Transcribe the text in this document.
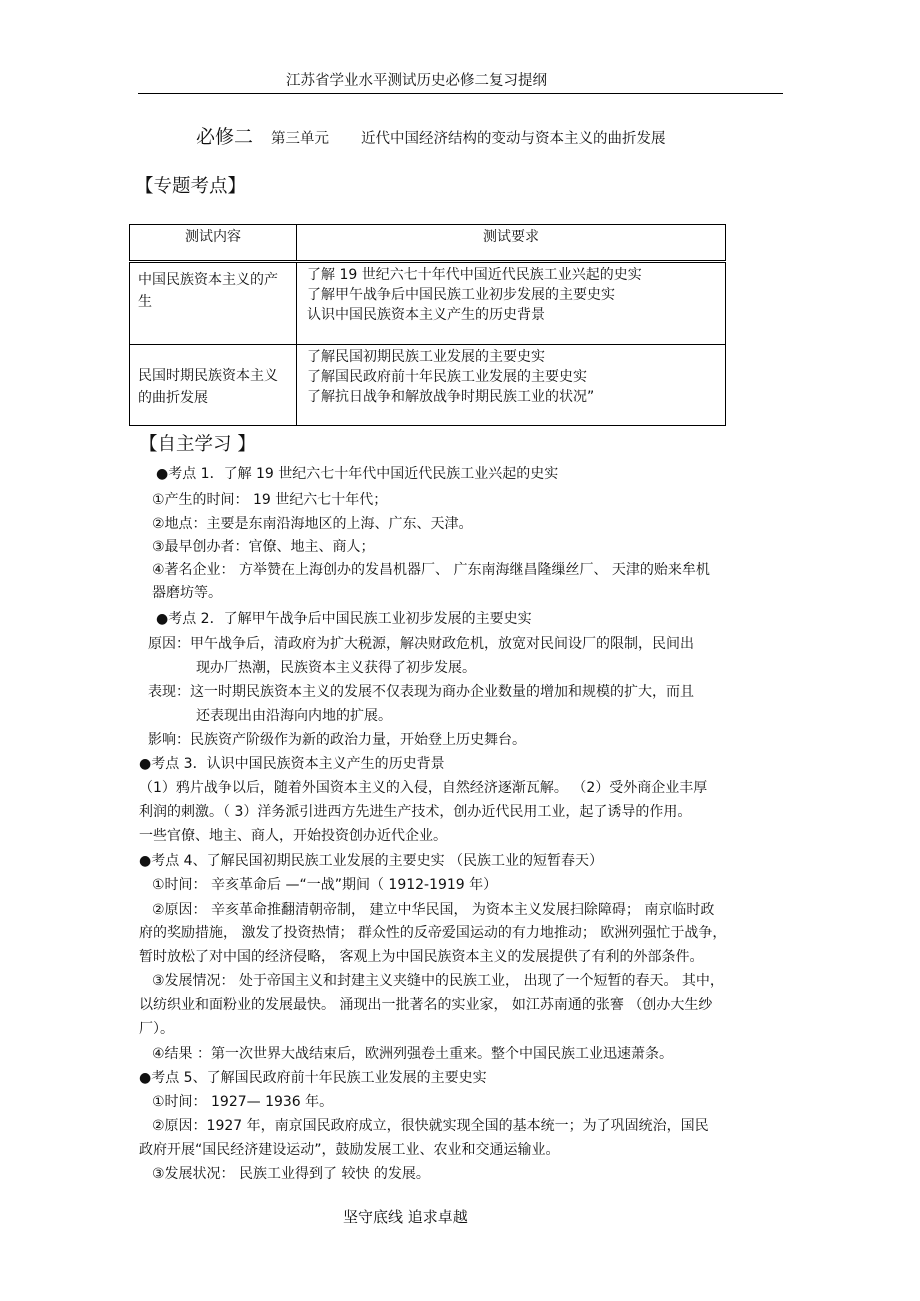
江苏省学业水平测试历史必修二复习提纲
必修二 第三单元 近代中国经济结构的变动与资本主义的曲折发展
【专题考点】
测试内容	测试要求

中国民族资本主义的产生	了解 19 世纪六七十年代中国近代民族工业兴起的史实
了解甲午战争后中国民族工业初步发展的主要史实
认识中国民族资本主义产生的历史背景

民国时期民族资本主义的曲折发展	了解民国初期民族工业发展的主要史实
了解国民政府前十年民族工业发展的主要史实
了解抗日战争和解放战争时期民族工业的状况”
【自主学习 】
●考点 1．了解 19 世纪六七十年代中国近代民族工业兴起的史实
①产生的时间： 19 世纪六七十年代；
②地点：主要是东南沿海地区的上海、广东、天津。
③最早创办者：官僚、地主、商人；
④著名企业： 方举赞在上海创办的发昌机器厂、 广东南海继昌隆缫丝厂、 天津的贻来牟机
器磨坊等。
●考点 2．了解甲午战争后中国民族工业初步发展的主要史实
原因：甲午战争后，清政府为扩大税源，解决财政危机，放宽对民间设厂的限制，民间出
现办厂热潮，民族资本主义获得了初步发展。
表现：这一时期民族资本主义的发展不仅表现为商办企业数量的增加和规模的扩大，而且
还表现出由沿海向内地的扩展。
影响：民族资产阶级作为新的政治力量，开始登上历史舞台。
●考点 3．认识中国民族资本主义产生的历史背景
（1）鸦片战争以后，随着外国资本主义的入侵，自然经济逐渐瓦解。 （2）受外商企业丰厚
利润的刺激。（ 3）洋务派引进西方先进生产技术，创办近代民用工业，起了诱导的作用。
一些官僚、地主、商人，开始投资创办近代企业。
●考点 4、了解民国初期民族工业发展的主要史实 （民族工业的短暂春天）
①时间： 辛亥革命后 —“一战”期间（ 1912-1919 年）
②原因： 辛亥革命推翻清朝帝制， 建立中华民国， 为资本主义发展扫除障碍； 南京临时政
府的奖励措施， 激发了投资热情； 群众性的反帝爱国运动的有力地推动； 欧洲列强忙于战争，
暂时放松了对中国的经济侵略， 客观上为中国民族资本主义的发展提供了有利的外部条件。
③发展情况： 处于帝国主义和封建主义夹缝中的民族工业， 出现了一个短暂的春天。 其中，
以纺织业和面粉业的发展最快。 涌现出一批著名的实业家， 如江苏南通的张謇 （创办大生纱
厂）。
④结果 ：第一次世界大战结束后，欧洲列强卷土重来。整个中国民族工业迅速萧条。
●考点 5、了解国民政府前十年民族工业发展的主要史实
①时间： 1927— 1936 年。
②原因：1927 年，南京国民政府成立，很快就实现全国的基本统一；为了巩固统治，国民
政府开展“国民经济建设运动”，鼓励发展工业、农业和交通运输业。
③发展状况： 民族工业得到了 较快 的发展。
坚守底线 追求卓越
